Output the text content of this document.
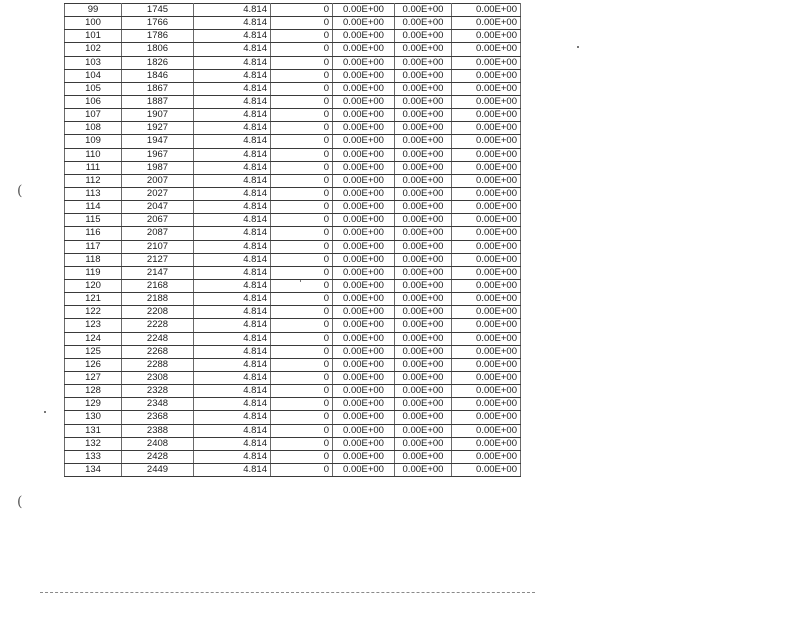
99	1745	4.814	0	0.00E+00	0.00E+00	0.00E+00
100	1766	4.814	0	0.00E+00	0.00E+00	0.00E+00
101	1786	4.814	0	0.00E+00	0.00E+00	0.00E+00
102	1806	4.814	0	0.00E+00	0.00E+00	0.00E+00
103	1826	4.814	0	0.00E+00	0.00E+00	0.00E+00
104	1846	4.814	0	0.00E+00	0.00E+00	0.00E+00
105	1867	4.814	0	0.00E+00	0.00E+00	0.00E+00
106	1887	4.814	0	0.00E+00	0.00E+00	0.00E+00
107	1907	4.814	0	0.00E+00	0.00E+00	0.00E+00
108	1927	4.814	0	0.00E+00	0.00E+00	0.00E+00
109	1947	4.814	0	0.00E+00	0.00E+00	0.00E+00
110	1967	4.814	0	0.00E+00	0.00E+00	0.00E+00
111	1987	4.814	0	0.00E+00	0.00E+00	0.00E+00
112	2007	4.814	0	0.00E+00	0.00E+00	0.00E+00
113	2027	4.814	0	0.00E+00	0.00E+00	0.00E+00
114	2047	4.814	0	0.00E+00	0.00E+00	0.00E+00
115	2067	4.814	0	0.00E+00	0.00E+00	0.00E+00
116	2087	4.814	0	0.00E+00	0.00E+00	0.00E+00
117	2107	4.814	0	0.00E+00	0.00E+00	0.00E+00
118	2127	4.814	0	0.00E+00	0.00E+00	0.00E+00
119	2147	4.814	0	0.00E+00	0.00E+00	0.00E+00
120	2168	4.814	0	0.00E+00	0.00E+00	0.00E+00
121	2188	4.814	0	0.00E+00	0.00E+00	0.00E+00
122	2208	4.814	0	0.00E+00	0.00E+00	0.00E+00
123	2228	4.814	0	0.00E+00	0.00E+00	0.00E+00
124	2248	4.814	0	0.00E+00	0.00E+00	0.00E+00
125	2268	4.814	0	0.00E+00	0.00E+00	0.00E+00
126	2288	4.814	0	0.00E+00	0.00E+00	0.00E+00
127	2308	4.814	0	0.00E+00	0.00E+00	0.00E+00
128	2328	4.814	0	0.00E+00	0.00E+00	0.00E+00
129	2348	4.814	0	0.00E+00	0.00E+00	0.00E+00
130	2368	4.814	0	0.00E+00	0.00E+00	0.00E+00
131	2388	4.814	0	0.00E+00	0.00E+00	0.00E+00
132	2408	4.814	0	0.00E+00	0.00E+00	0.00E+00
133	2428	4.814	0	0.00E+00	0.00E+00	0.00E+00
134	2449	4.814	0	0.00E+00	0.00E+00	0.00E+00
(
(
